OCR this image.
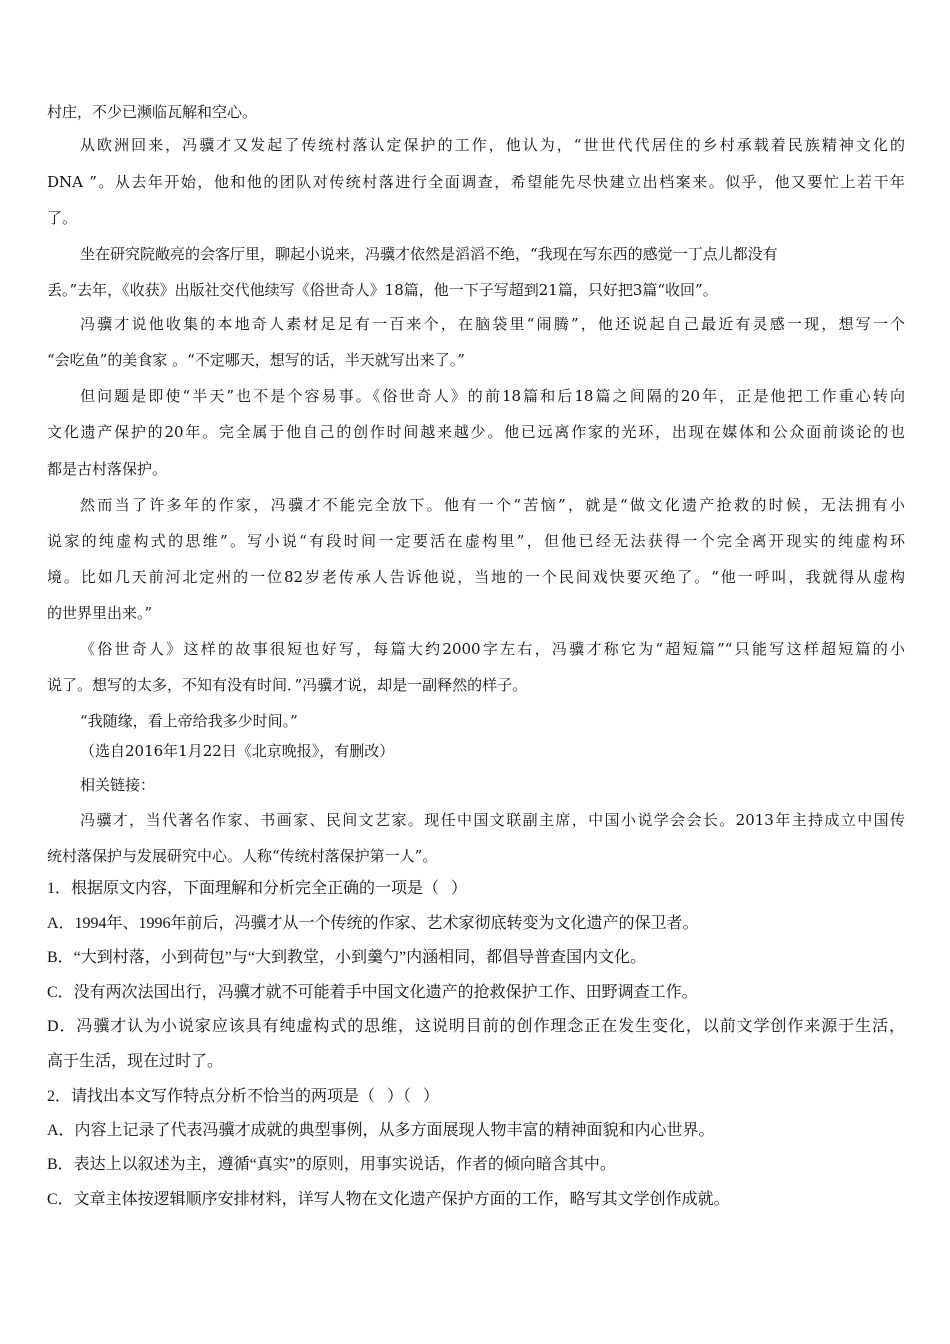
村庄，不少已濒临瓦解和空心。
从欧洲回来，冯骥才又发起了传统村落认定保护的工作，他认为，“世世代代居住的乡村承载着民族精神文化的
DNA ”。从去年开始，他和他的团队对传统村落进行全面调查，希望能先尽快建立出档案来。似乎，他又要忙上若干年
了。
坐在研究院敞亮的会客厅里，聊起小说来，冯骥才依然是滔滔不绝，“我现在写东西的感觉一丁点儿都没有
丢。”去年，《收获》出版社交代他续写《俗世奇人》18篇，他一下子写超到21篇，只好把3篇“收回”。
冯骥才说他收集的本地奇人素材足足有一百来个，在脑袋里“闹腾”，他还说起自己最近有灵感一现，想写一个
“会吃鱼”的美食家 。“不定哪天，想写的话，半天就写出来了。”
但问题是即使“半天”也不是个容易事。《俗世奇人》的前18篇和后18篇之间隔的20年，正是他把工作重心转向
文化遗产保护的20年。完全属于他自己的创作时间越来越少。他已远离作家的光环，出现在媒体和公众面前谈论的也
都是古村落保护。
然而当了许多年的作家，冯骥才不能完全放下。他有一个“苦恼”，就是“做文化遗产抢救的时候，无法拥有小
说家的纯虚构式的思维”。写小说“有段时间一定要活在虚构里”，但他已经无法获得一个完全离开现实的纯虚构环
境。比如几天前河北定州的一位82岁老传承人告诉他说，当地的一个民间戏快要灭绝了。“他一呼叫，我就得从虚构
的世界里出来。”
《俗世奇人》这样的故事很短也好写，每篇大约2000字左右，冯骥才称它为“超短篇”“只能写这样超短篇的小
说了。想写的太多，不知有没有时间．”冯骥才说，却是一副释然的样子。
“我随缘，看上帝给我多少时间。”
（选自2016年1月22日《北京晚报》，有删改）
相关链接：
冯骥才，当代著名作家、书画家、民间文艺家。现任中国文联副主席，中国小说学会会长。2013年主持成立中国传
统村落保护与发展研究中心。人称“传统村落保护第一人”。
1．根据原文内容，下面理解和分析完全正确的一项是（   ）
A．1994年、1996年前后，冯骥才从一个传统的作家、艺术家彻底转变为文化遗产的保卫者。
B．“大到村落，小到荷包”与“大到教堂，小到羹勺”内涵相同，都倡导普查国内文化。
C．没有两次法国出行，冯骥才就不可能着手中国文化遗产的抢救保护工作、田野调查工作。
D．冯骥才认为小说家应该具有纯虚构式的思维，这说明目前的创作理念正在发生变化，以前文学创作来源于生活，
高于生活，现在过时了。
2．请找出本文写作特点分析不恰当的两项是（   ）（   ）
A．内容上记录了代表冯骥才成就的典型事例，从多方面展现人物丰富的精神面貌和内心世界。
B．表达上以叙述为主，遵循“真实”的原则，用事实说话，作者的倾向暗含其中。
C．文章主体按逻辑顺序安排材料，详写人物在文化遗产保护方面的工作，略写其文学创作成就。
